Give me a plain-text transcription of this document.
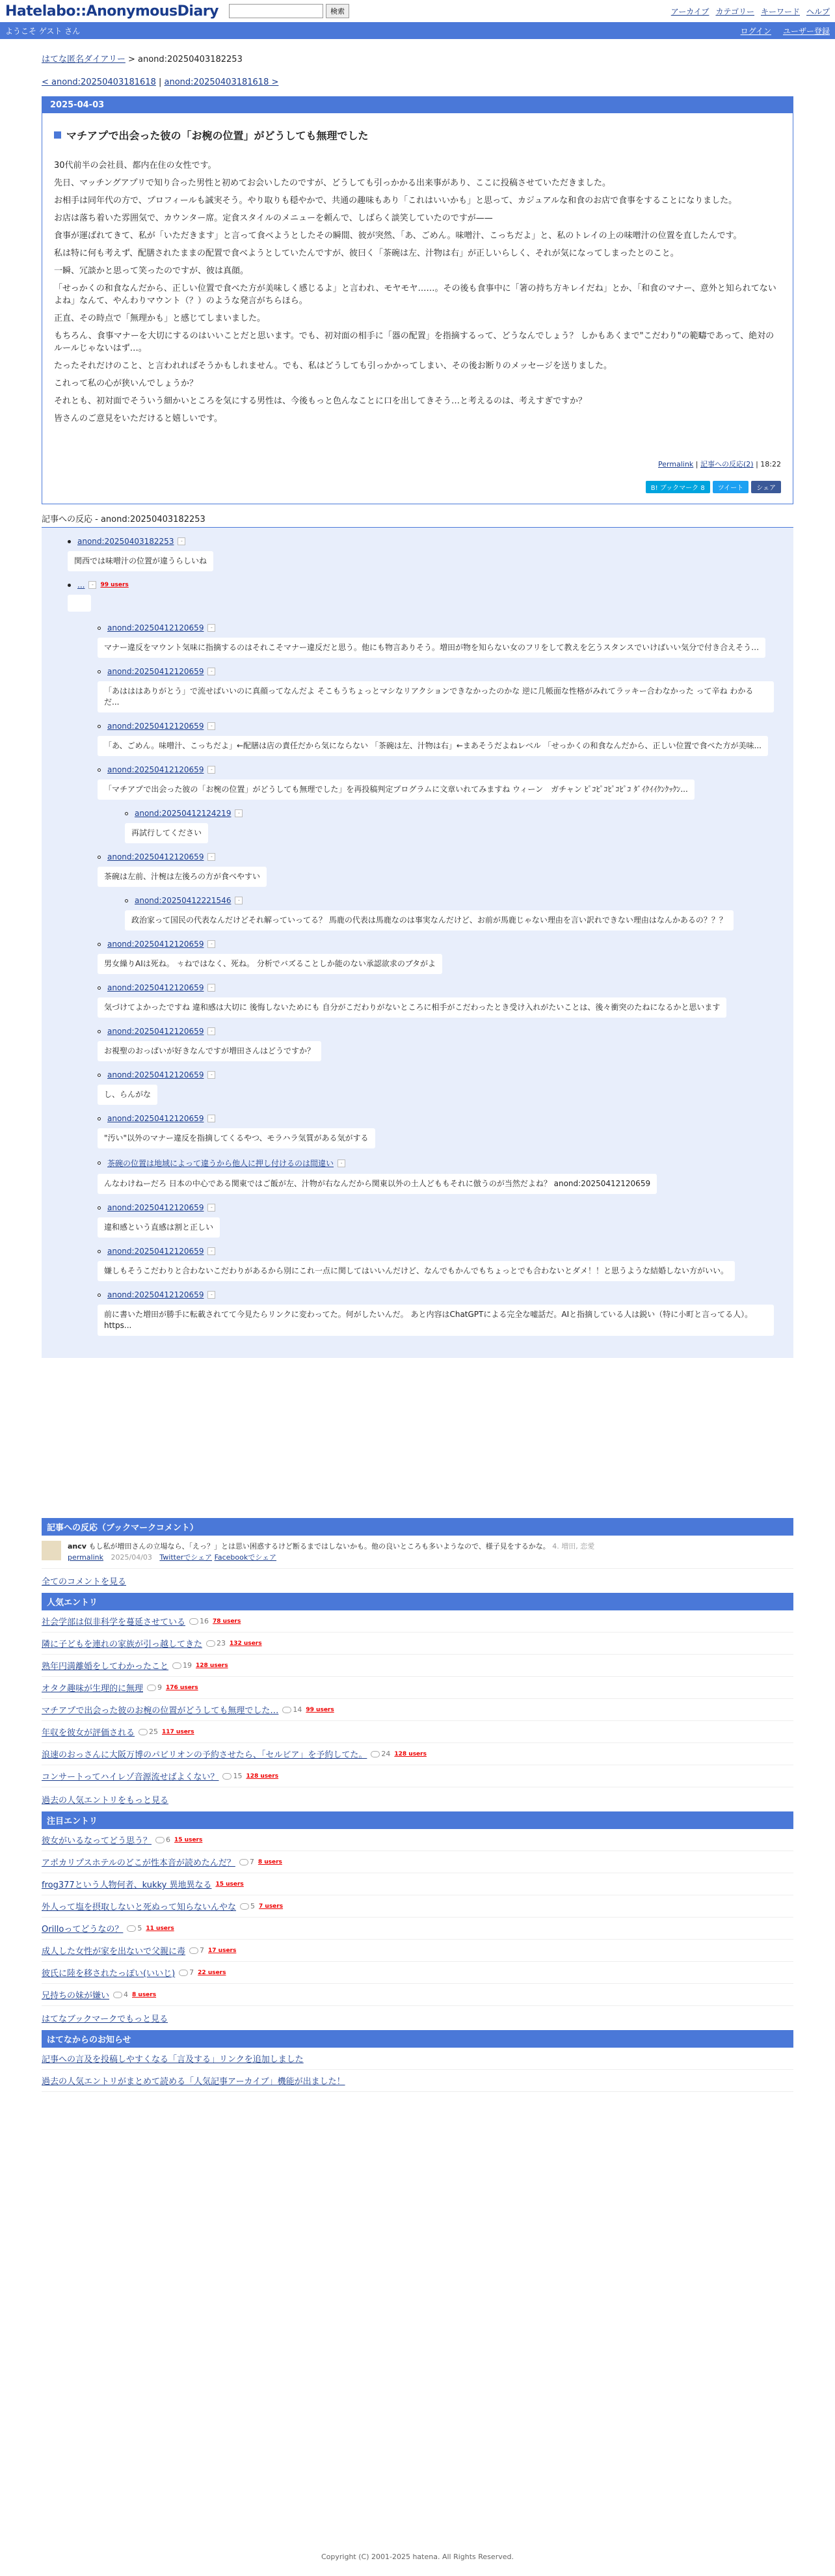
Hatelabo::AnonymousDiary	検索	アーカイブ カテゴリー キーワード ヘルプ
ようこそ ゲスト さん	ログイン ユーザー登録
はてな匿名ダイアリー > anond:20250403182253
< anond:20250403181618 | anond:20250403181618 >
2025-04-03
マチアプで出会った彼の「お椀の位置」がどうしても無理でした

30代前半の会社員、都内在住の女性です。

先日、マッチングアプリで知り合った男性と初めてお会いしたのですが、どうしても引っかかる出来事があり、ここに投稿させていただきました。

お相手は同年代の方で、プロフィールも誠実そう。やり取りも穏やかで、共通の趣味もあり「これはいいかも」と思って、カジュアルな和食のお店で食事をすることになりました。

お店は落ち着いた雰囲気で、カウンター席。定食スタイルのメニューを頼んで、しばらく談笑していたのですが——

食事が運ばれてきて、私が「いただきます」と言って食べようとしたその瞬間、彼が突然、「あ、ごめん。味噌汁、こっちだよ」と、私のトレイの上の味噌汁の位置を直したんです。

私は特に何も考えず、配膳されたままの配置で食べようとしていたんですが、彼曰く「茶碗は左、汁物は右」が正しいらしく、それが気になってしまったとのこと。

一瞬、冗談かと思って笑ったのですが、彼は真顔。

「せっかくの和食なんだから、正しい位置で食べた方が美味しく感じるよ」と言われ、モヤモヤ……。その後も食事中に「箸の持ち方キレイだね」とか、「和食のマナー、意外と知られてないよね」なんて、やんわりマウント（？）のような発言がちらほら。

正直、その時点で「無理かも」と感じてしまいました。

もちろん、食事マナーを大切にするのはいいことだと思います。でも、初対面の相手に「器の配置」を指摘するって、どうなんでしょう？ しかもあくまで"こだわり"の範疇であって、絶対のルールじゃないはず…。

たったそれだけのこと、と言われればそうかもしれません。でも、私はどうしても引っかかってしまい、その後お断りのメッセージを送りました。

これって私の心が狭いんでしょうか？

それとも、初対面でそういう細かいところを気にする男性は、今後もっと色んなことに口を出してきそう…と考えるのは、考えすぎですか？

皆さんのご意見をいただけると嬉しいです。

Permalink | 記事への反応(2) | 18:22
B! ブックマーク 8	ツイート	シェア
記事への反応 - anond:20250403182253
anond:20250403182253	-
関西では味噌汁の位置が違うらしいね
...	-	99 users
anond:20250412120659	-
マナー違反をマウント気味に指摘するのはそれこそマナー違反だと思う。他にも物言ありそう。増田が物を知らない女のフリをして教えを乞うスタンスでいけばいい気分で付き合えそう…
anond:20250412120659	-
「あはははありがとう」で流せばいいのに真顔ってなんだよ そこもうちょっとマシなリアクションできなかったのかな 逆に几帳面な性格がみれてラッキー合わなかった って辛ね わかるだ...
anond:20250412120659	-
「あ、ごめん。味噌汁、こっちだよ」←配膳は店の責任だから気にならない 「茶碗は左、汁物は右」←まあそうだよねレベル 「せっかくの和食なんだから、正しい位置で食べた方が美味...
anond:20250412120659	-
「マチアプで出会った彼の「お椀の位置」がどうしても無理でした」を再投稿判定プログラムに文章いれてみますね ウィーン　ガチャン ﾋﾟｺﾋﾟｺﾋﾟｺﾋﾟｺ ﾀﾞｲｸｲｲｸﾝｸｯｸﾝ...
anond:20250412124219	-
再試行してください
anond:20250412120659	-
茶碗は左前、汁椀は左後ろの方が食べやすい
anond:20250412221546	-
政治家って国民の代表なんだけどそれ解っていってる？ 馬鹿の代表は馬鹿なのは事実なんだけど、お前が馬鹿じゃない理由を言い訳れできない理由はなんかあるの？？？
anond:20250412120659	-
男女繰りAIは死ね。 ㄘねではなく、死ね。 分析でバズることしか能のない承認欲求のブタがよ
anond:20250412120659	-
気づけてよかったですね 違和感は大切に 後悔しないためにも 自分がこだわりがないところに相手がこだわったとき受け入れがたいことは、後々衝突のたねになるかと思います
anond:20250412120659	-
お視聖のおっぱいが好きなんですが増田さんはどうですか？
anond:20250412120659	-
し、らんがな
anond:20250412120659	-
"汚い"以外のマナー違反を指摘してくるやつ、モラハラ気質がある気がする
茶碗の位置は地域によって違うから他人に押し付けるのは間違い	-
んなわけねーだろ 日本の中心である関東ではご飯が左、汁物が右なんだから関東以外の土人どももそれに倣うのが当然だよね？ anond:20250412120659
anond:20250412120659	-
違和感という直感は割と正しい
anond:20250412120659	-
嫌しもそうこだわりと合わないこだわりがあるから別にこれ一点に関してはいいんだけど、なんでもかんでもちょっとでも合わないとダメ！！と思うような結婚しない方がいい。
anond:20250412120659	-
前に書いた増田が勝手に転載されてて今見たらリンクに変わってた。何がしたいんだ。 あと内容はChatGPTによる完全な嘘話だ。AIと指摘している人は鋭い（特に小町と言ってる人）。 https...
記事への反応（ブックマークコメント）
ancv もし私が増田さんの立場なら、「えっ？」とは思い困惑するけど断るまではしないかも。他の良いところも多いようなので、様子見をするかな。 4. 増田, 恋愛
permalink 2025/04/03 Twitterでシェア Facebookでシェア
全てのコメントを見る
人気エントリ
社会学部は似非科学を蔓延させている 16 78 users
隣に子どもを連れの家族が引っ越してきた 23 132 users
熟年円満離婚をしてわかったこと 19 128 users
オタク趣味が生理的に無理 9 176 users
マチアプで出会った彼のお椀の位置がどうしても無理でした… 14 99 users
年収を彼女が評価される 25 117 users
浪速のおっさんに大阪万博のパビリオンの予約させたら、「セルビア」を予約してた。 24 128 users
コンサートってハイレゾ音源流せばよくない？ 15 128 users
過去の人気エントリをもっと見る
注目エントリ
彼女がいるなってどう思う？ 6 15 users
アポカリプスホテルのどこが性本音が読めたんだ？ 7 8 users
frog377という人物何者、kukky 異地異なる 15 users
外人って塩を摂取しないと死ぬって知らないんやな 5 7 users
Orilloってどうなの？ 5 11 users
成人した女性が家を出ないで父親に毒 7 17 users
彼氏に陸を移されたっぽい(いいじ) 7 22 users
兄持ちの妹が嫌い 4 8 users
はてなブックマークでもっと見る
はてなからのお知らせ
記事への言及を投稿しやすくなる「言及する」リンクを追加しました
過去の人気エントリがまとめて読める「人気記事アーカイブ」機能が出ました！
Copyright (C) 2001-2025 hatena. All Rights Reserved.
